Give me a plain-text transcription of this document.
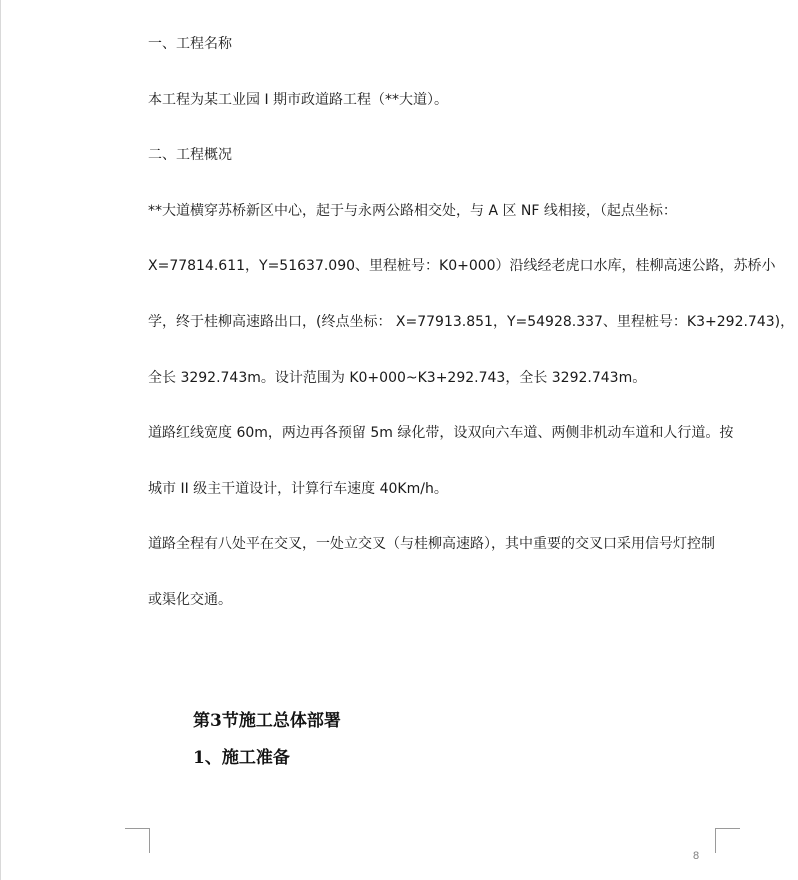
一、工程名称
本工程为某工业园 I 期市政道路工程（**大道）。
二、工程概况
**大道横穿苏桥新区中心，起于与永两公路相交处，与 A 区 NF 线相接，（起点坐标：
X=77814.611，Y=51637.090、里程桩号：K0+000）沿线经老虎口水库，桂柳高速公路，苏桥小
学，终于桂柳高速路出口，(终点坐标： X=77913.851，Y=54928.337、里程桩号：K3+292.743)，
全长 3292.743m。设计范围为 K0+000~K3+292.743，全长 3292.743m。
道路红线宽度 60m，两边再各预留 5m 绿化带，设双向六车道、两侧非机动车道和人行道。按
城市 II 级主干道设计，计算行车速度 40Km/h。
道路全程有八处平在交叉，一处立交叉（与桂柳高速路），其中重要的交叉口采用信号灯控制
或渠化交通。
第3节施工总体部署
1、施工准备
8
